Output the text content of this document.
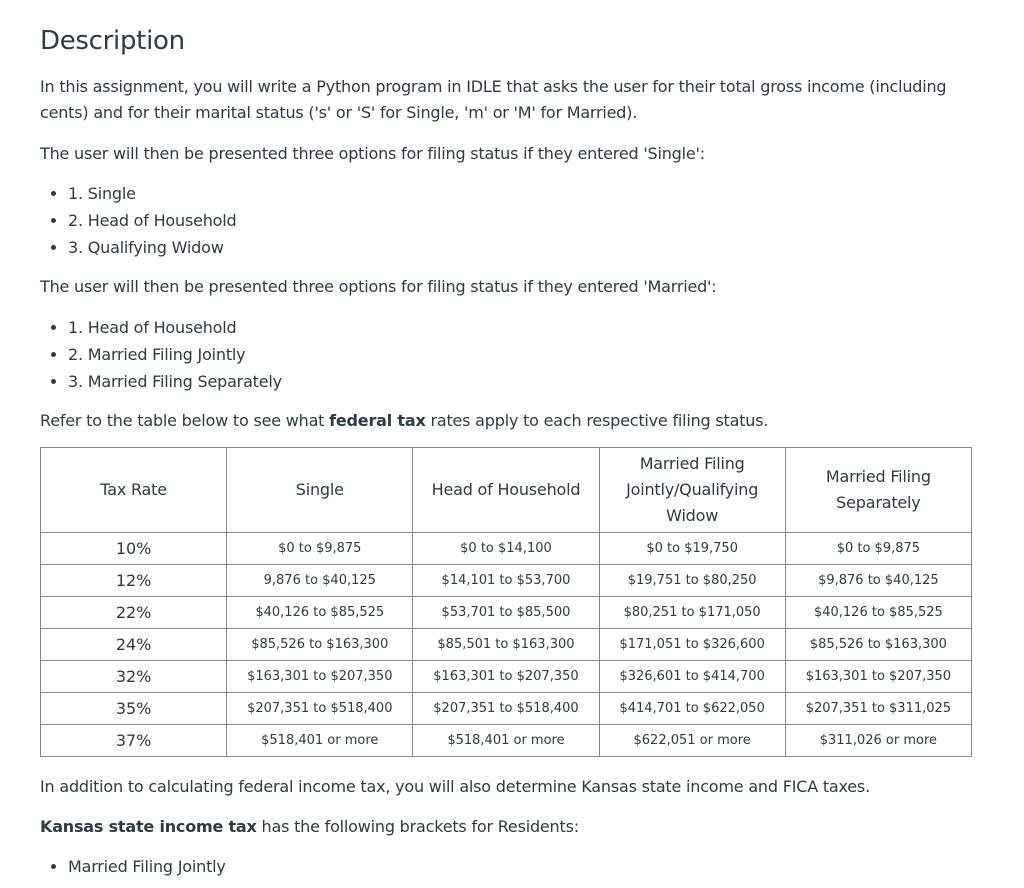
Description

In this assignment, you will write a Python program in IDLE that asks the user for their total gross income (including
cents) and for their marital status ('s' or 'S' for Single, 'm' or 'M' for Married).

The user will then be presented three options for filing status if they entered 'Single':

• 1. Single
• 2. Head of Household
• 3. Qualifying Widow

The user will then be presented three options for filing status if they entered 'Married':

• 1. Head of Household
• 2. Married Filing Jointly
• 3. Married Filing Separately

Refer to the table below to see what federal tax rates apply to each respective filing status.

Tax Rate	Single	Head of Household	Married Filing Jointly/Qualifying Widow	Married Filing Separately
10%	$0 to $9,875	$0 to $14,100	$0 to $19,750	$0 to $9,875
12%	9,876 to $40,125	$14,101 to $53,700	$19,751 to $80,250	$9,876 to $40,125
22%	$40,126 to $85,525	$53,701 to $85,500	$80,251 to $171,050	$40,126 to $85,525
24%	$85,526 to $163,300	$85,501 to $163,300	$171,051 to $326,600	$85,526 to $163,300
32%	$163,301 to $207,350	$163,301 to $207,350	$326,601 to $414,700	$163,301 to $207,350
35%	$207,351 to $518,400	$207,351 to $518,400	$414,701 to $622,050	$207,351 to $311,025
37%	$518,401 or more	$518,401 or more	$622,051 or more	$311,026 or more

In addition to calculating federal income tax, you will also determine Kansas state income and FICA taxes.

Kansas state income tax has the following brackets for Residents:

• Married Filing Jointly
